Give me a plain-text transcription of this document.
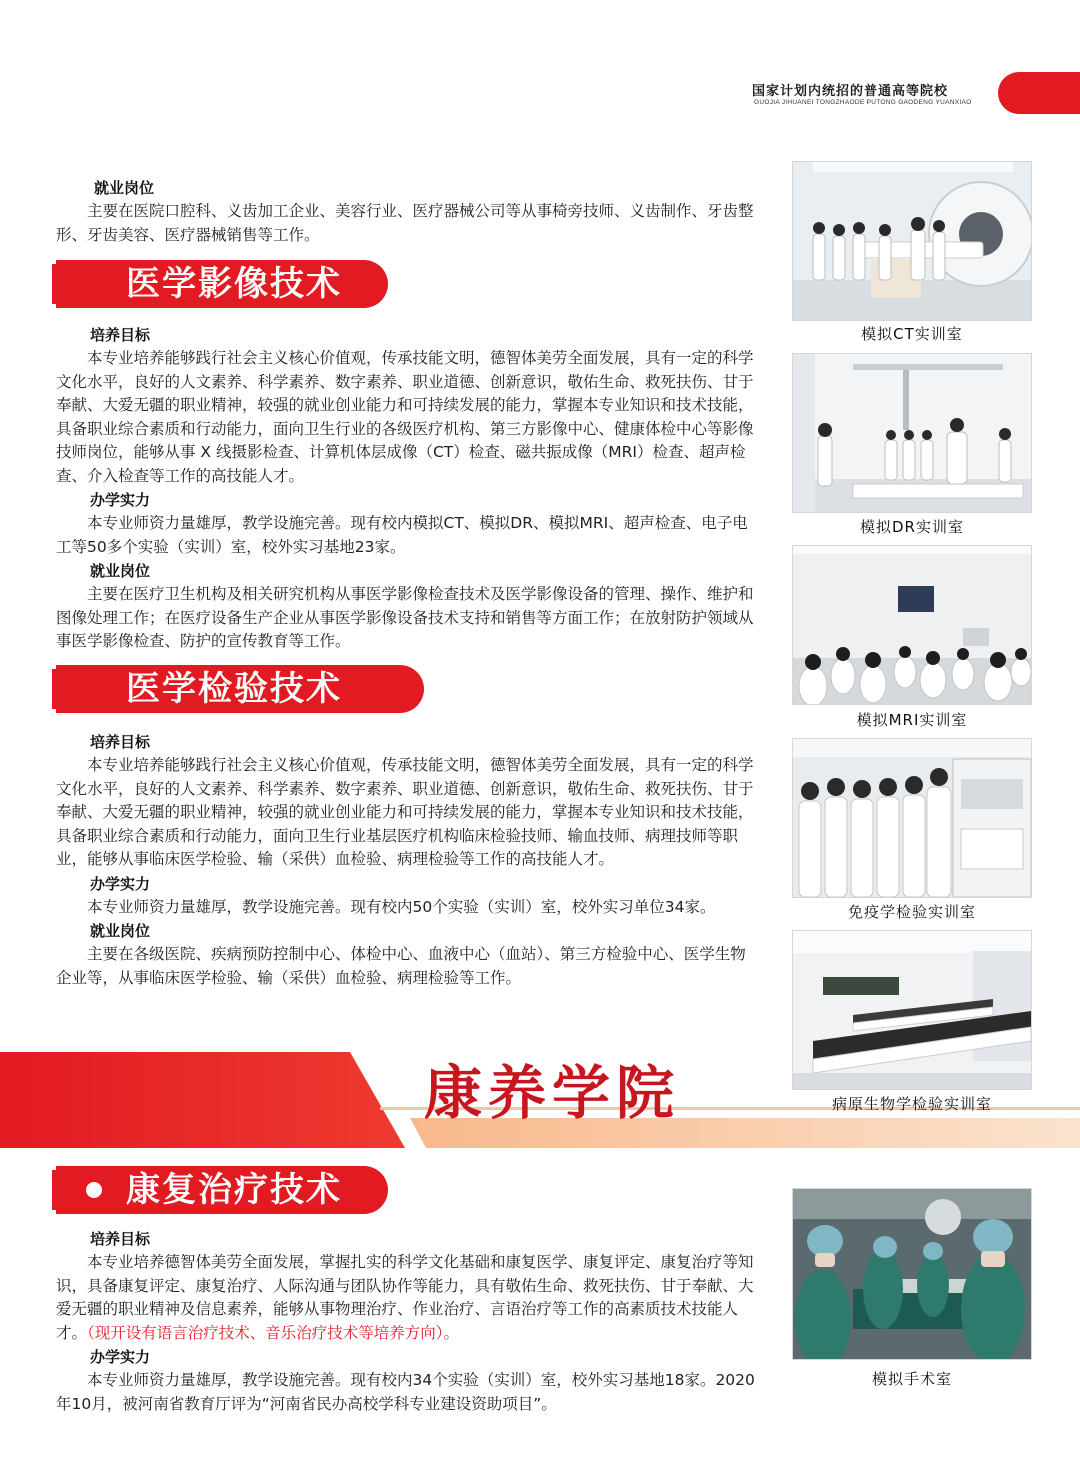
国家计划内统招的普通高等院校
GUOJIA JIHUANEI TONGZHAODE PUTONG GAODENG YUANXIAO
就业岗位

主要在医院口腔科、义齿加工企业、美容行业、医疗器械公司等从事椅旁技师、义齿制作、牙齿整形、牙齿美容、医疗器械销售等工作。

医学影像技术
培养目标

本专业培养能够践行社会主义核心价值观，传承技能文明，德智体美劳全面发展，具有一定的科学文化水平，良好的人文素养、科学素养、数字素养、职业道德、创新意识，敬佑生命、救死扶伤、甘于奉献、大爱无疆的职业精神，较强的就业创业能力和可持续发展的能力，掌握本专业知识和技术技能，具备职业综合素质和行动能力，面向卫生行业的各级医疗机构、第三方影像中心、健康体检中心等影像技师岗位，能够从事 X 线摄影检查、计算机体层成像（CT）检查、磁共振成像（MRI）检查、超声检查、介入检查等工作的高技能人才。

办学实力

本专业师资力量雄厚，教学设施完善。现有校内模拟CT、模拟DR、模拟MRI、超声检查、电子电工等50多个实验（实训）室，校外实习基地23家。

就业岗位

主要在医疗卫生机构及相关研究机构从事医学影像检查技术及医学影像设备的管理、操作、维护和图像处理工作；在医疗设备生产企业从事医学影像设备技术支持和销售等方面工作；在放射防护领域从事医学影像检查、防护的宣传教育等工作。

医学检验技术
培养目标

本专业培养能够践行社会主义核心价值观，传承技能文明，德智体美劳全面发展，具有一定的科学文化水平，良好的人文素养、科学素养、数字素养、职业道德、创新意识，敬佑生命、救死扶伤、甘于奉献、大爱无疆的职业精神，较强的就业创业能力和可持续发展的能力，掌握本专业知识和技术技能，具备职业综合素质和行动能力，面向卫生行业基层医疗机构临床检验技师、输血技师、病理技师等职业，能够从事临床医学检验、输（采供）血检验、病理检验等工作的高技能人才。

办学实力

本专业师资力量雄厚，教学设施完善。现有校内50个实验（实训）室，校外实习单位34家。

就业岗位

主要在各级医院、疾病预防控制中心、体检中心、血液中心（血站）、第三方检验中心、医学生物企业等，从事临床医学检验、输（采供）血检验、病理检验等工作。

康养学院
康复治疗技术
培养目标

本专业培养德智体美劳全面发展，掌握扎实的科学文化基础和康复医学、康复评定、康复治疗等知识，具备康复评定、康复治疗、人际沟通与团队协作等能力，具有敬佑生命、救死扶伤、甘于奉献、大爱无疆的职业精神及信息素养，能够从事物理治疗、作业治疗、言语治疗等工作的高素质技术技能人才。（现开设有语言治疗技术、音乐治疗技术等培养方向）。

办学实力

本专业师资力量雄厚，教学设施完善。现有校内34个实验（实训）室，校外实习基地18家。2020年10月，被河南省教育厅评为“河南省民办高校学科专业建设资助项目”。

模拟CT实训室
模拟DR实训室
模拟MRI实训室
免疫学检验实训室
病原生物学检验实训室
模拟手术室
